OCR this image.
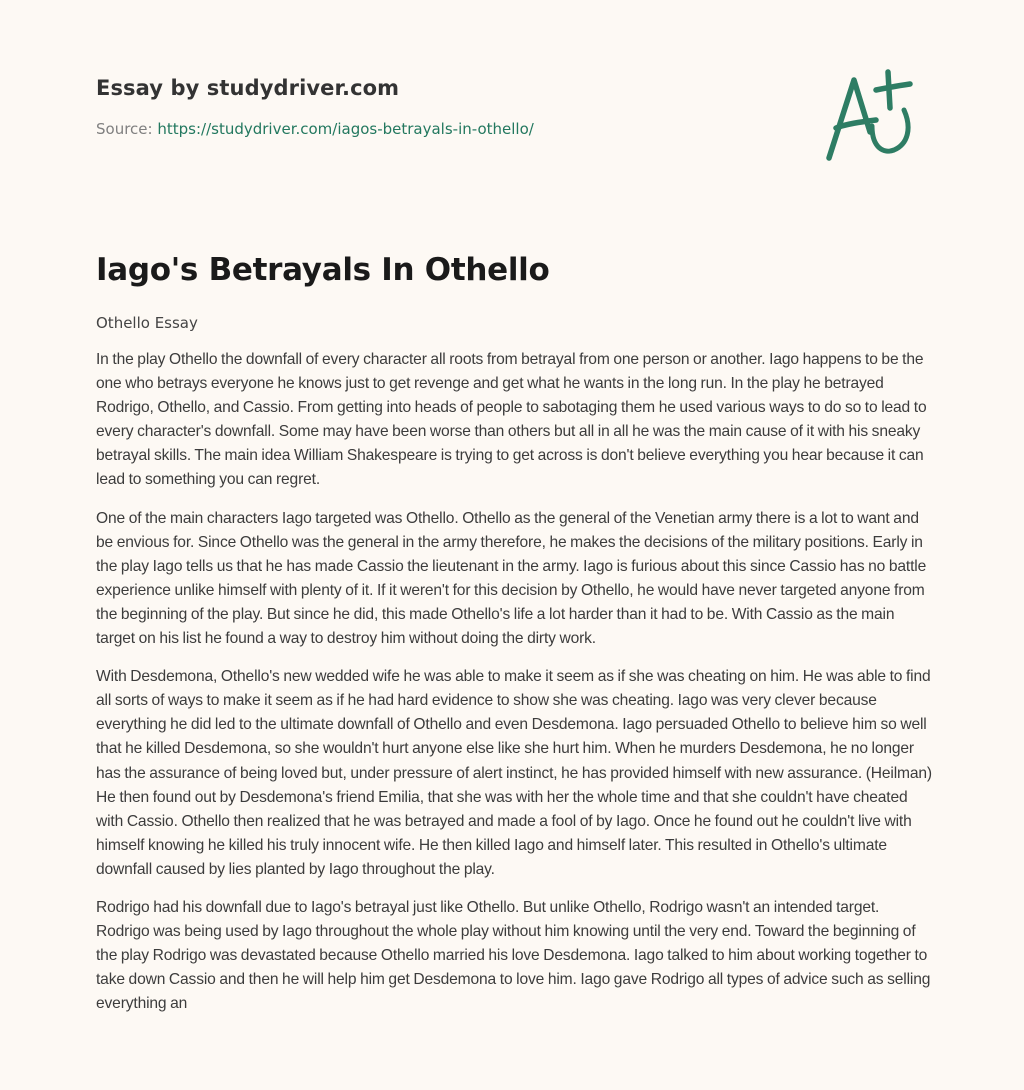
Essay by studydriver.com
Source: https://studydriver.com/iagos-betrayals-in-othello/
Iago's Betrayals In Othello
Othello Essay

In the play Othello the downfall of every character all roots from betrayal from one person or another. Iago happens to be the one who betrays everyone he knows just to get revenge and get what he wants in the long run. In the play he betrayed Rodrigo, Othello, and Cassio. From getting into heads of people to sabotaging them he used various ways to do so to lead to every character's downfall. Some may have been worse than others but all in all he was the main cause of it with his sneaky betrayal skills. The main idea William Shakespeare is trying to get across is don't believe everything you hear because it can lead to something you can regret.

One of the main characters Iago targeted was Othello. Othello as the general of the Venetian army there is a lot to want and be envious for. Since Othello was the general in the army therefore, he makes the decisions of the military positions. Early in the play Iago tells us that he has made Cassio the lieutenant in the army. Iago is furious about this since Cassio has no battle experience unlike himself with plenty of it. If it weren't for this decision by Othello, he would have never targeted anyone from the beginning of the play. But since he did, this made Othello's life a lot harder than it had to be. With Cassio as the main target on his list he found a way to destroy him without doing the dirty work.

With Desdemona, Othello's new wedded wife he was able to make it seem as if she was cheating on him. He was able to find all sorts of ways to make it seem as if he had hard evidence to show she was cheating. Iago was very clever because everything he did led to the ultimate downfall of Othello and even Desdemona. Iago persuaded Othello to believe him so well that he killed Desdemona, so she wouldn't hurt anyone else like she hurt him. When he murders Desdemona, he no longer has the assurance of being loved but, under pressure of alert instinct, he has provided himself with new assurance. (Heilman) He then found out by Desdemona's friend Emilia, that she was with her the whole time and that she couldn't have cheated with Cassio. Othello then realized that he was betrayed and made a fool of by Iago. Once he found out he couldn't live with himself knowing he killed his truly innocent wife. He then killed Iago and himself later. This resulted in Othello's ultimate downfall caused by lies planted by Iago throughout the play.

Rodrigo had his downfall due to Iago's betrayal just like Othello. But unlike Othello, Rodrigo wasn't an intended target. Rodrigo was being used by Iago throughout the whole play without him knowing until the very end. Toward the beginning of the play Rodrigo was devastated because Othello married his love Desdemona. Iago talked to him about working together to take down Cassio and then he will help him get Desdemona to love him. Iago gave Rodrigo all types of advice such as selling everything an
